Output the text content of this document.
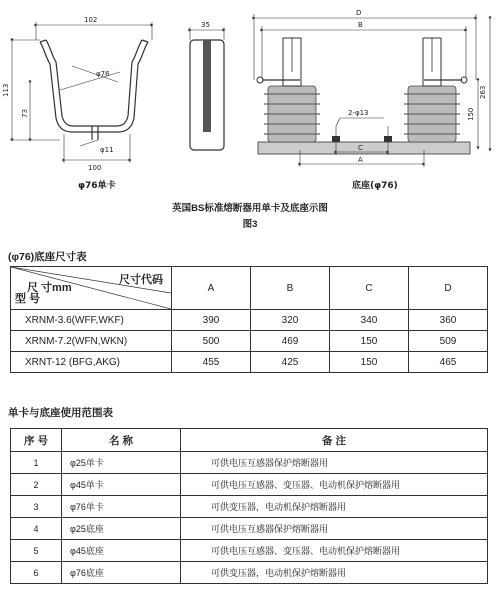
102
113
73
φ76
100
φ11
φ76单卡
35
D
B
C
A
2-φ13	150
263
底座(φ76)
英国BS标准熔断器用单卡及底座示图
图3
(φ76)底座尺寸表
尺寸代码
尺 寸mm
型 号	A	B	C	D
XRNM-3.6(WFF,WKF)	390	320	340	360
XRNM-7.2(WFN,WKN)	500	469	150	509
XRNT-12 (BFG,AKG)	455	425	150	465
单卡与底座使用范围表
序 号	名 称	备 注
1	φ25单卡	可供电压互感器保护熔断器用
2	φ45单卡	可供电压互感器、变压器、电动机保护熔断器用
3	φ76单卡	可供变压器，电动机保护熔断器用
4	φ25底座	可供电压互感器保护熔断器用
5	φ45底座	可供电压互感器、变压器、电动机保护熔断器用
6	φ76底座	可供变压器，电动机保护熔断器用
